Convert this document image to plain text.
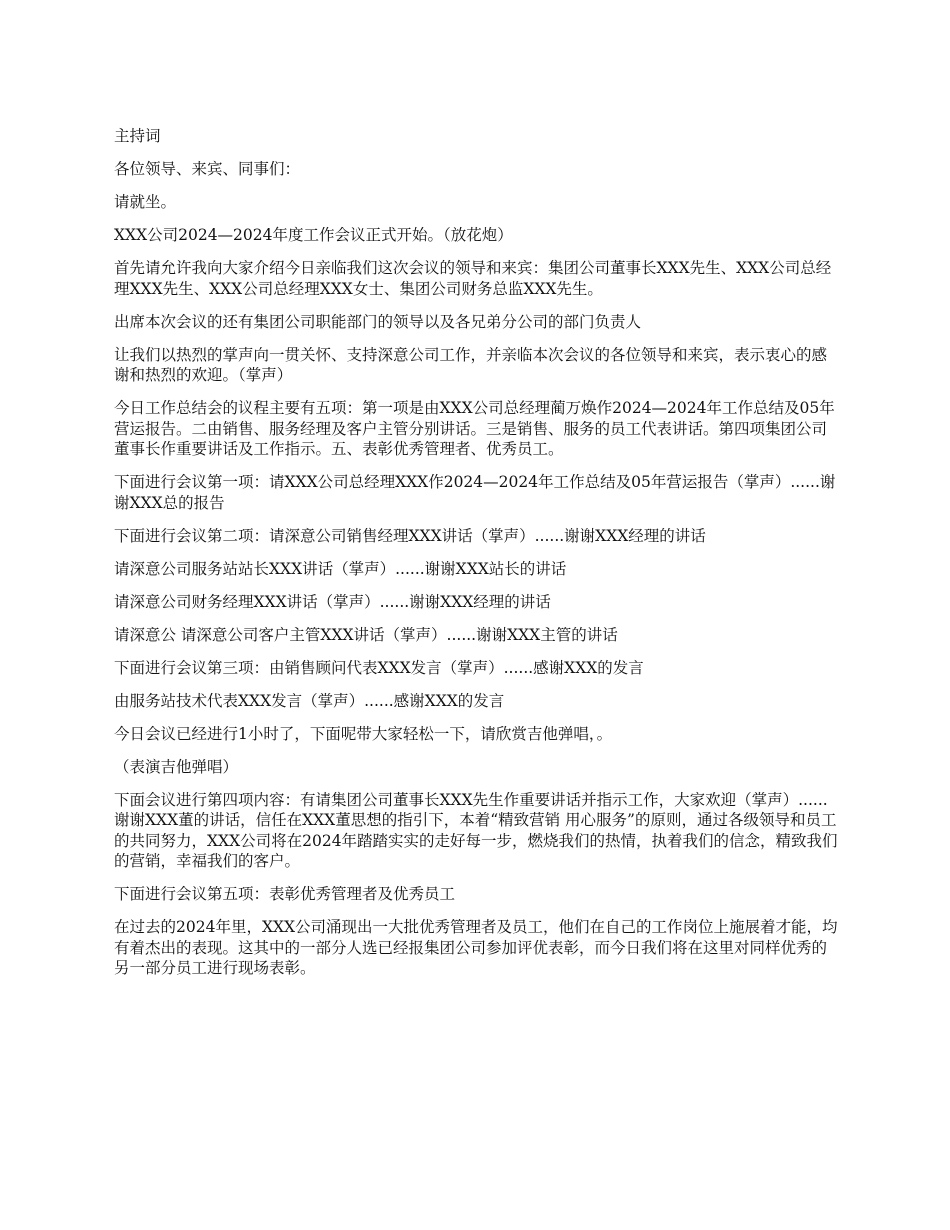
主持词

各位领导、来宾、同事们：

请就坐。

XXX公司2024—2024年度工作会议正式开始。（放花炮）

首先请允许我向大家介绍今日亲临我们这次会议的领导和来宾：集团公司董事长XXX先生、XXX公司总经理XXX先生、XXX公司总经理XXX女士、集团公司财务总监XXX先生。

出席本次会议的还有集团公司职能部门的领导以及各兄弟分公司的部门负责人

让我们以热烈的掌声向一贯关怀、支持深意公司工作，并亲临本次会议的各位领导和来宾，表示衷心的感谢和热烈的欢迎。（掌声）

今日工作总结会的议程主要有五项：第一项是由XXX公司总经理蔺万焕作2024—2024年工作总结及05年营运报告。二由销售、服务经理及客户主管分别讲话。三是销售、服务的员工代表讲话。第四项集团公司董事长作重要讲话及工作指示。五、表彰优秀管理者、优秀员工。

下面进行会议第一项：请XXX公司总经理XXX作2024—2024年工作总结及05年营运报告（掌声）......谢谢XXX总的报告

下面进行会议第二项：请深意公司销售经理XXX讲话（掌声）......谢谢XXX经理的讲话

请深意公司服务站站长XXX讲话（掌声）......谢谢XXX站长的讲话

请深意公司财务经理XXX讲话（掌声）......谢谢XXX经理的讲话

请深意公 请深意公司客户主管XXX讲话（掌声）......谢谢XXX主管的讲话

下面进行会议第三项：由销售顾问代表XXX发言（掌声）......感谢XXX的发言

由服务站技术代表XXX发言（掌声）......感谢XXX的发言

今日会议已经进行1小时了，下面呢带大家轻松一下，请欣赏吉他弹唱，。

（表演吉他弹唱）

下面会议进行第四项内容：有请集团公司董事长XXX先生作重要讲话并指示工作，大家欢迎（掌声）......谢谢XXX董的讲话，信任在XXX董思想的指引下，本着“精致营销 用心服务”的原则，通过各级领导和员工的共同努力，XXX公司将在2024年踏踏实实的走好每一步，燃烧我们的热情，执着我们的信念，精致我们的营销，幸福我们的客户。

下面进行会议第五项：表彰优秀管理者及优秀员工

在过去的2024年里，XXX公司涌现出一大批优秀管理者及员工，他们在自己的工作岗位上施展着才能，均有着杰出的表现。这其中的一部分人选已经报集团公司参加评优表彰，而今日我们将在这里对同样优秀的另一部分员工进行现场表彰。
